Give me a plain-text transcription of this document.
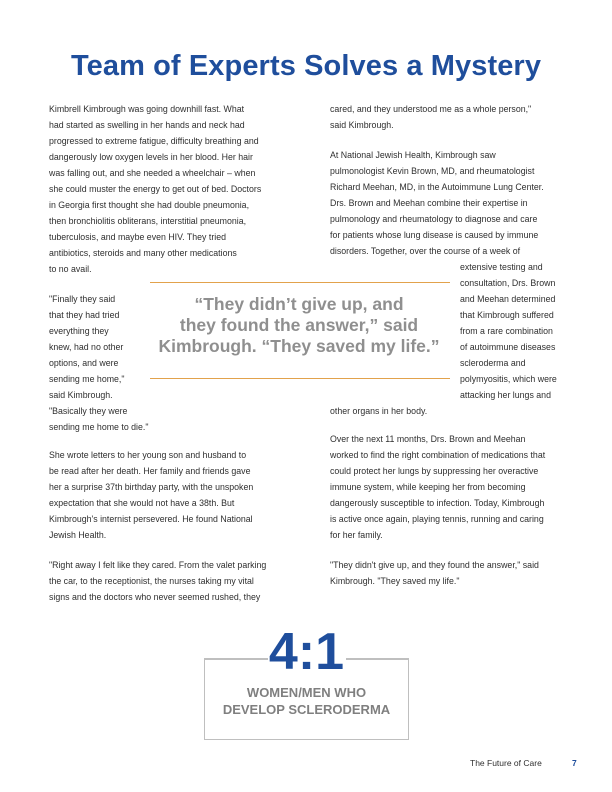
Team of Experts Solves a Mystery
Kimbrell Kimbrough was going downhill fast. What
had started as swelling in her hands and neck had
progressed to extreme fatigue, difficulty breathing and
dangerously low oxygen levels in her blood. Her hair
was falling out, and she needed a wheelchair – when
she could muster the energy to get out of bed. Doctors
in Georgia first thought she had double pneumonia,
then bronchiolitis obliterans, interstitial pneumonia,
tuberculosis, and maybe even HIV. They tried
antibiotics, steroids and many other medications
to no avail.
"Finally they said
that they had tried
everything they
knew, had no other
options, and were
sending me home,"
said Kimbrough.
"Basically they were
sending me home to die."
She wrote letters to her young son and husband to
be read after her death. Her family and friends gave
her a surprise 37th birthday party, with the unspoken
expectation that she would not have a 38th. But
Kimbrough's internist persevered. He found National
Jewish Health.
"Right away I felt like they cared. From the valet parking
the car, to the receptionist, the nurses taking my vital
signs and the doctors who never seemed rushed, they
cared, and they understood me as a whole person,"
said Kimbrough.
At National Jewish Health, Kimbrough saw
pulmonologist Kevin Brown, MD, and rheumatologist
Richard Meehan, MD, in the Autoimmune Lung Center.
Drs. Brown and Meehan combine their expertise in
pulmonology and rheumatology to diagnose and care
for patients whose lung disease is caused by immune
disorders. Together, over the course of a week of
extensive testing and
consultation, Drs. Brown
and Meehan determined
that Kimbrough suffered
from a rare combination
of autoimmune diseases
scleroderma and
polymyositis, which were
attacking her lungs and
other organs in her body.
Over the next 11 months, Drs. Brown and Meehan
worked to find the right combination of medications that
could protect her lungs by suppressing her overactive
immune system, while keeping her from becoming
dangerously susceptible to infection. Today, Kimbrough
is active once again, playing tennis, running and caring
for her family.
"They didn't give up, and they found the answer," said
Kimbrough. "They saved my life."
“They didn’t give up, and
they found the answer,” said
Kimbrough. “They saved my life.”
4:1
WOMEN/MEN WHO
DEVELOP SCLERODERMA
The Future of Care	7
